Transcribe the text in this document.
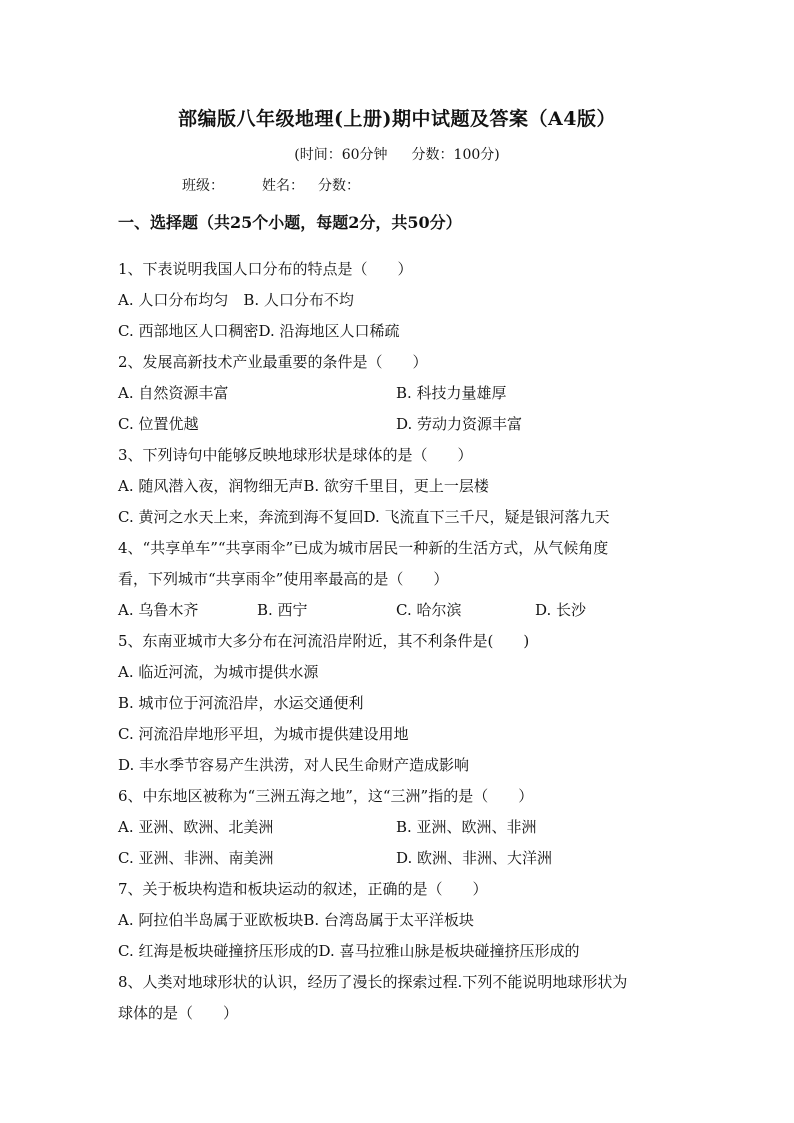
部编版八年级地理(上册)期中试题及答案（A4版）
(时间：60分钟 分数：100分)
班级：	姓名： 分数：
一、选择题（共25个小题，每题2分，共50分）
1、下表说明我国人口分布的特点是（　　）
A. 人口分布均匀　B. 人口分布不均
C. 西部地区人口稠密D. 沿海地区人口稀疏
2、发展高新技术产业最重要的条件是（　　）
A. 自然资源丰富	B. 科技力量雄厚
C. 位置优越	D. 劳动力资源丰富
3、下列诗句中能够反映地球形状是球体的是（　　）
A. 随风潜入夜，润物细无声B. 欲穷千里目，更上一层楼
C. 黄河之水天上来，奔流到海不复回D. 飞流直下三千尺，疑是银河落九天
4、“共享单车”“共享雨伞”已成为城市居民一种新的生活方式，从气候角度
看，下列城市“共享雨伞”使用率最高的是（　　）
A. 乌鲁木齐	B. 西宁	C. 哈尔滨	D. 长沙
5、东南亚城市大多分布在河流沿岸附近，其不利条件是(　　)
A. 临近河流，为城市提供水源
B. 城市位于河流沿岸，水运交通便利
C. 河流沿岸地形平坦，为城市提供建设用地
D. 丰水季节容易产生洪涝，对人民生命财产造成影响
6、中东地区被称为“三洲五海之地”，这“三洲”指的是（　　）
A. 亚洲、欧洲、北美洲	B. 亚洲、欧洲、非洲
C. 亚洲、非洲、南美洲	D. 欧洲、非洲、大洋洲
7、关于板块构造和板块运动的叙述，正确的是（　　）
A. 阿拉伯半岛属于亚欧板块B. 台湾岛属于太平洋板块
C. 红海是板块碰撞挤压形成的D. 喜马拉雅山脉是板块碰撞挤压形成的
8、人类对地球形状的认识，经历了漫长的探索过程.下列不能说明地球形状为
球体的是（　　）
